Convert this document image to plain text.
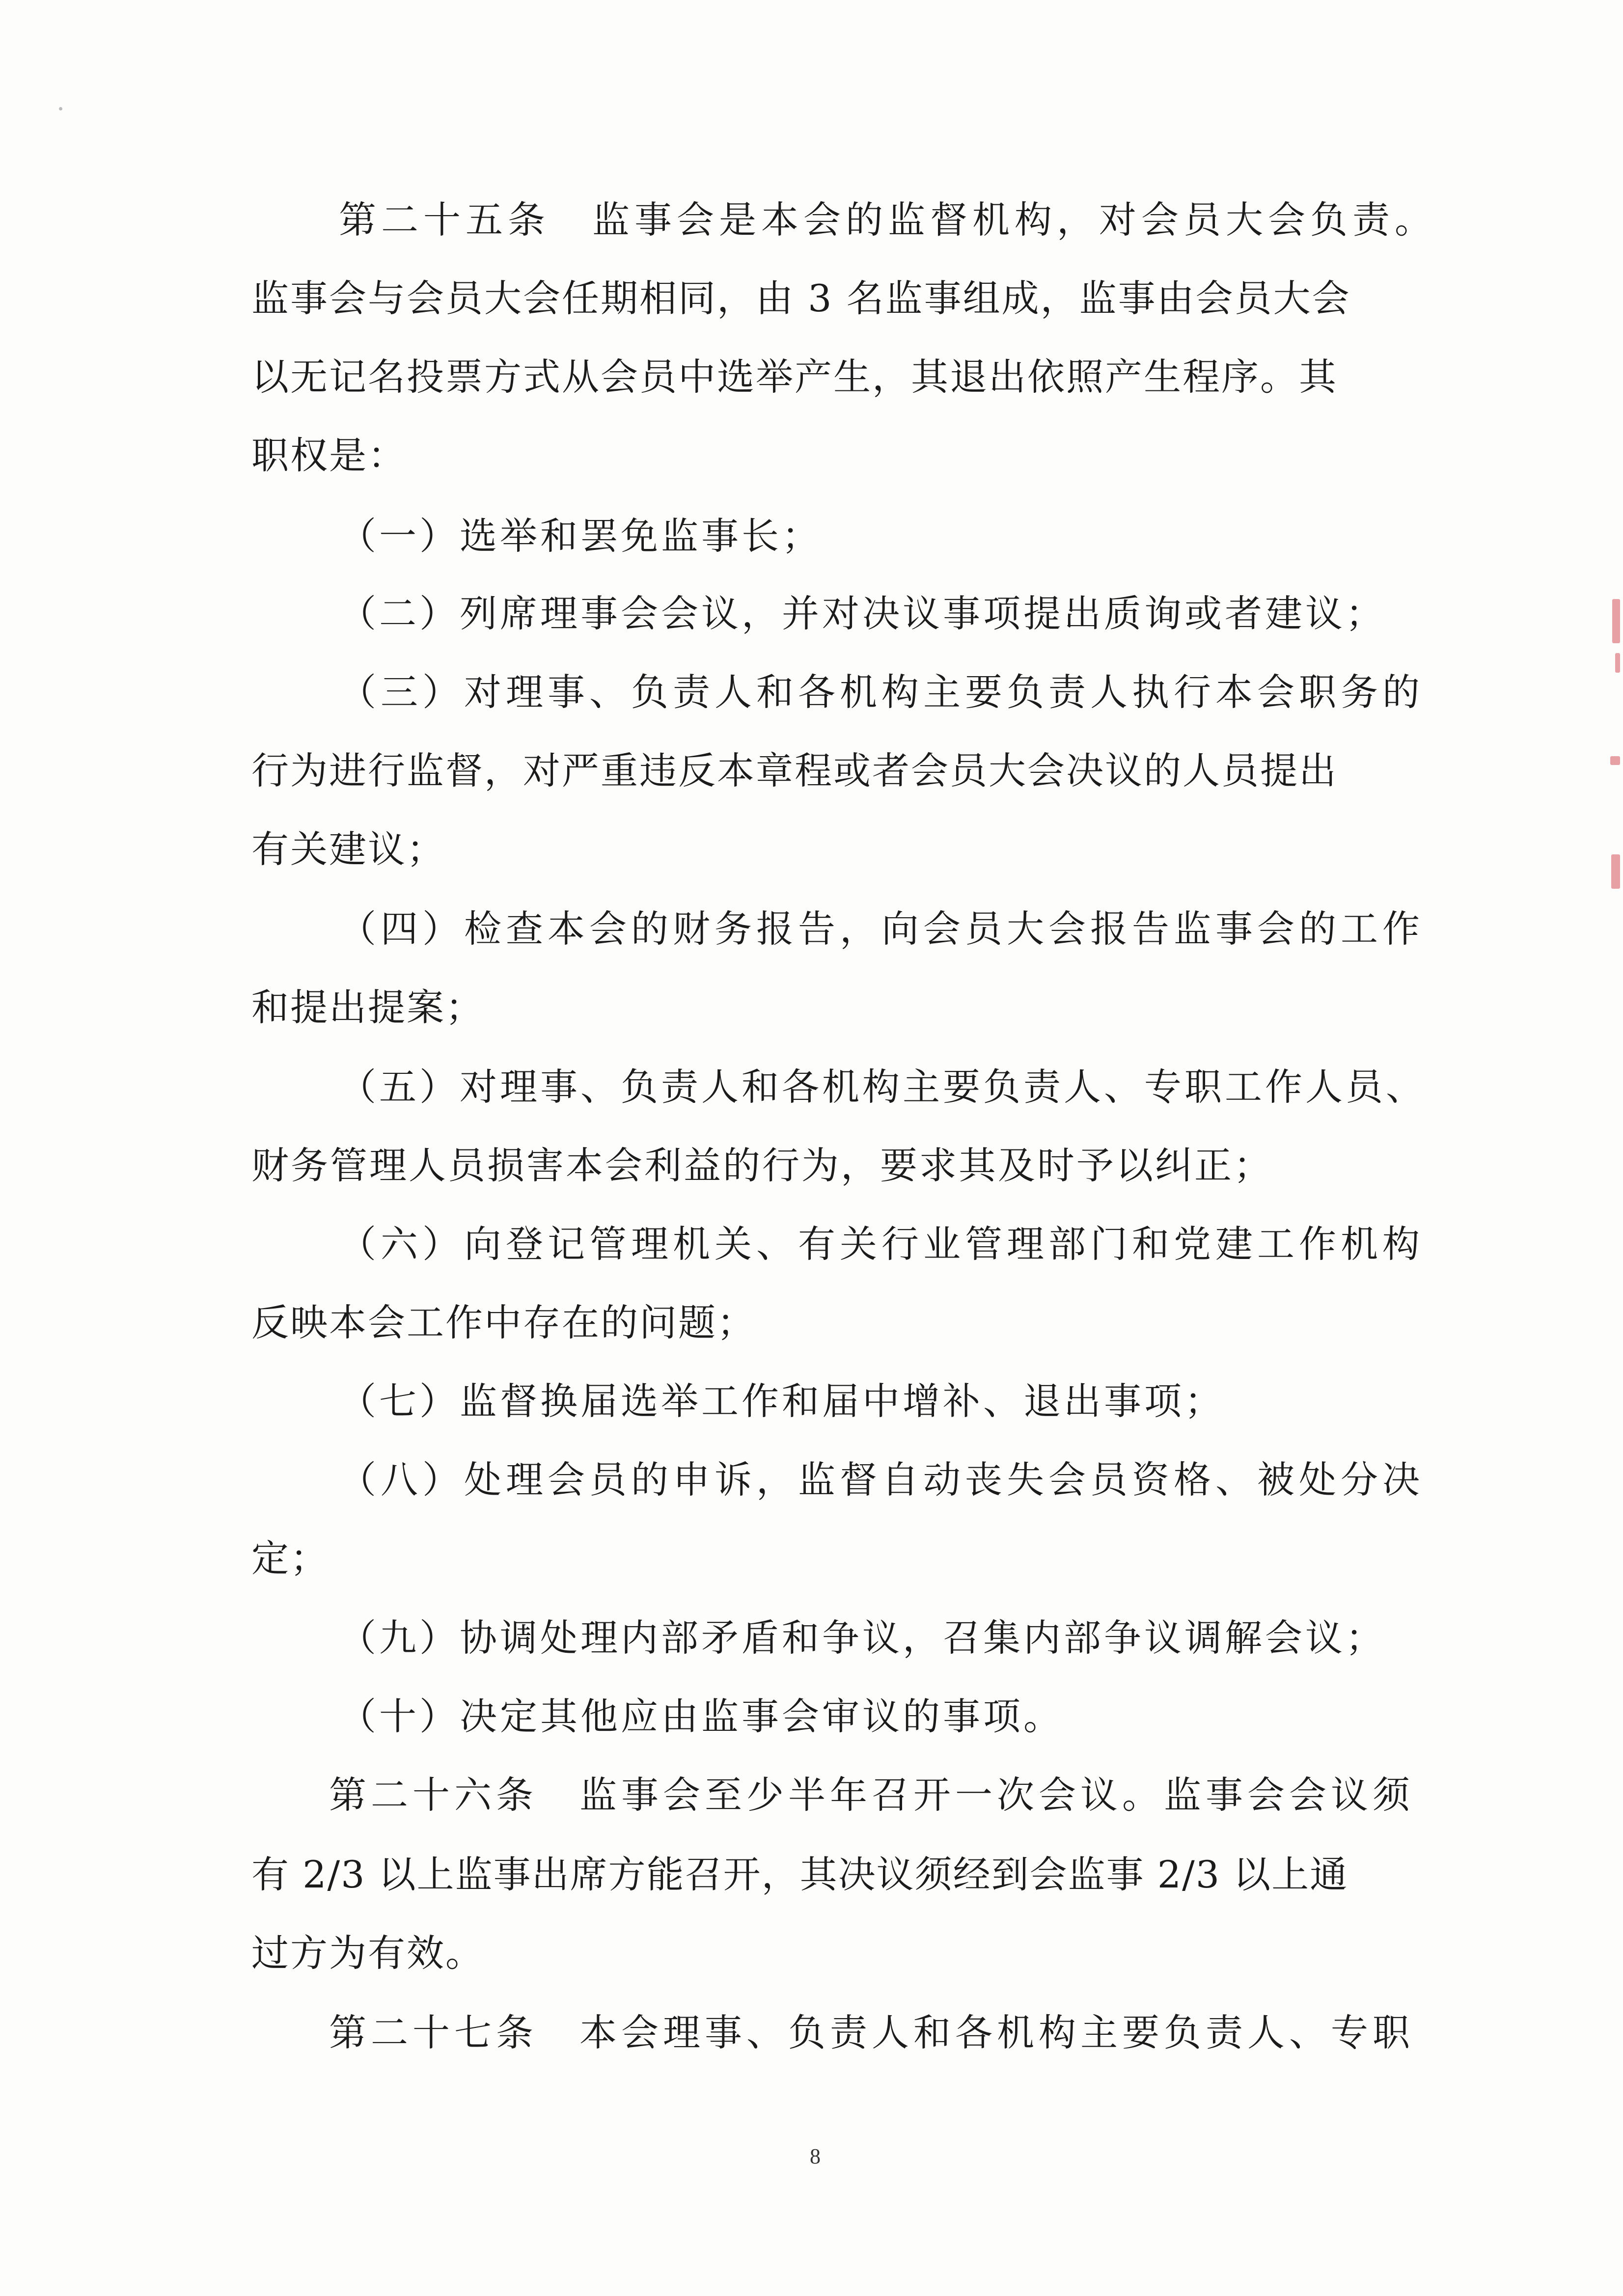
第二十五条　监事会是本会的监督机构，对会员大会负责。
监事会与会员大会任期相同，由 3 名监事组成，监事由会员大会
以无记名投票方式从会员中选举产生，其退出依照产生程序。其
职权是：
（一）选举和罢免监事长；
（二）列席理事会会议，并对决议事项提出质询或者建议；
（三）对理事、负责人和各机构主要负责人执行本会职务的
行为进行监督，对严重违反本章程或者会员大会决议的人员提出
有关建议；
（四）检查本会的财务报告，向会员大会报告监事会的工作
和提出提案；
（五）对理事、负责人和各机构主要负责人、专职工作人员、
财务管理人员损害本会利益的行为，要求其及时予以纠正；
（六）向登记管理机关、有关行业管理部门和党建工作机构
反映本会工作中存在的问题；
（七）监督换届选举工作和届中增补、退出事项；
（八）处理会员的申诉，监督自动丧失会员资格、被处分决
定；
（九）协调处理内部矛盾和争议，召集内部争议调解会议；
（十）决定其他应由监事会审议的事项。
第二十六条　监事会至少半年召开一次会议。监事会会议须
有 2/3 以上监事出席方能召开，其决议须经到会监事 2/3 以上通
过方为有效。
第二十七条　本会理事、负责人和各机构主要负责人、专职
8
